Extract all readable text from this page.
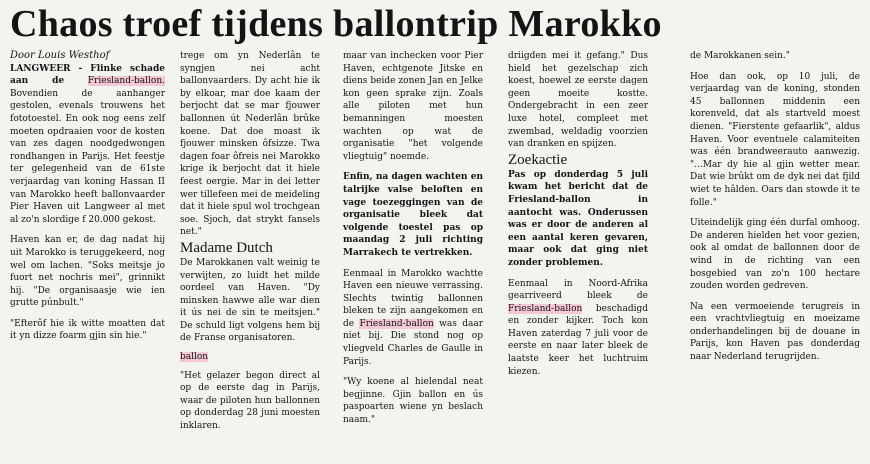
Chaos troef tijdens ballontrip Marokko

Door Louis Westhof

LANGWEER - Flinke schade aan de	Friesland-ballon. Bovendien de aanhanger gestolen, evenals trouwens het fototoestel. En ook nog eens zelf moeten opdraaien voor de kosten van zes dagen noodgedwongen rondhangen in Parijs. Het feestje ter gelegenheid van de 61ste verjaardag van koning Hassan II van Marokko heeft ballonvaarder Pier Haven uit Langweer al met al zo'n slordige f 20.000 gekost.

Haven kan er, de dag nadat hij uit Marokko is teruggekeerd, nog wel om lachen. "Soks meitsje jo fuort net nochris mei", grinnikt hij. "De organisaasje wie ien grutte púnbult."

"Efterôf hie ik witte moatten dat it yn dizze foarm gjin sin hie."

trege om yn Nederlân te syngjen nei acht ballonvaarders. Dy acht hie ik by elkoar, mar doe kaam der berjocht dat se mar fjouwer ballonnen út Nederlân brûke koene. Dat doe moast ik fjouwer minsken ôfsizze. Twa dagen foar ôfreis nei Marokko krige ik berjocht dat it hiele feest oergie. Mar in dei letter wer tillefeen mei de meideling dat it hiele spul wol trochgean soe. Sjoch, dat strykt fansels net."

Madame Dutch

De Marokkanen valt weinig te verwijten, zo luidt het milde oordeel van Haven. "Dy minsken hawwe alle war dien it ús nei de sin te meitsjen." De schuld ligt volgens hem bij de Franse organisatoren.

ballon

"Het gelazer begon direct al op de eerste dag in Parijs, waar de piloten hun ballonnen op donderdag 28 juni moesten inklaren.

maar van inchecken voor Pier Haven, echtgenote Jitske en diens beide zonen Jan en Jelke kon geen sprake zijn. Zoals alle piloten met hun bemanningen moesten wachten op wat de organisatie "het volgende vliegtuig" noemde.

Enfin, na dagen wachten en talrijke valse beloften en vage toezeggingen van de organisatie bleek dat volgende toestel pas op maandag 2 juli richting Marrakech te vertrekken.

Eenmaal in Marokko wachtte Haven een nieuwe verrassing. Slechts twintig ballonnen bleken te zijn aangekomen en de Friesland-ballon was daar niet bij. Die stond nog op vliegveld Charles de Gaulle in Parijs.

"Wy koene al hielendal neat begjinne. Gjin ballon en ús paspoarten wiene yn beslach naam."

driigden mei it gefang." Dus hield het gezelschap zich koest, hoewel ze eerste dagen geen moeite kostte. Ondergebracht in een zeer luxe hotel, compleet met zwembad, weldadig voorzien van dranken en spijzen.

Zoekactie

Pas op donderdag 5 juli kwam het bericht dat de Friesland-ballon in aantocht was. Onderussen was er door de anderen al een aantal keren gevaren, maar ook dat ging niet zonder problemen.

Eenmaal in Noord-Afrika gearriveerd bleek de Friesland-ballon beschadigd en zonder kijker. Toch kon Haven zaterdag 7 juli voor de eerste en naar later bleek de laatste keer het luchtruim kiezen.

de Marokkanen sein."

Hoe dan ook, op 10 juli, de verjaardag van de koning, stonden 45 ballonnen middenin een korenveld, dat als startveld moest dienen. "Fierstente gefaarlik", aldus Haven. Voor eventuele calamiteiten was één brandweerauto aanwezig. "...Mar dy hie al gjin wetter mear. Dat wie brûkt om de dyk nei dat fjild wiet te hâlden. Oars dan stowde it te folle."

Uiteindelijk ging één durfal omhoog. De anderen hielden het voor gezien, ook al omdat de ballonnen door de wind in de richting van een bosgebied van zo'n 100 hectare zouden worden gedreven.

Na een vermoeiende terugreis in een vrachtvliegtuig en moeizame onderhandelingen bij de douane in Parijs, kon Haven pas donderdag naar Nederland terugrijden.
